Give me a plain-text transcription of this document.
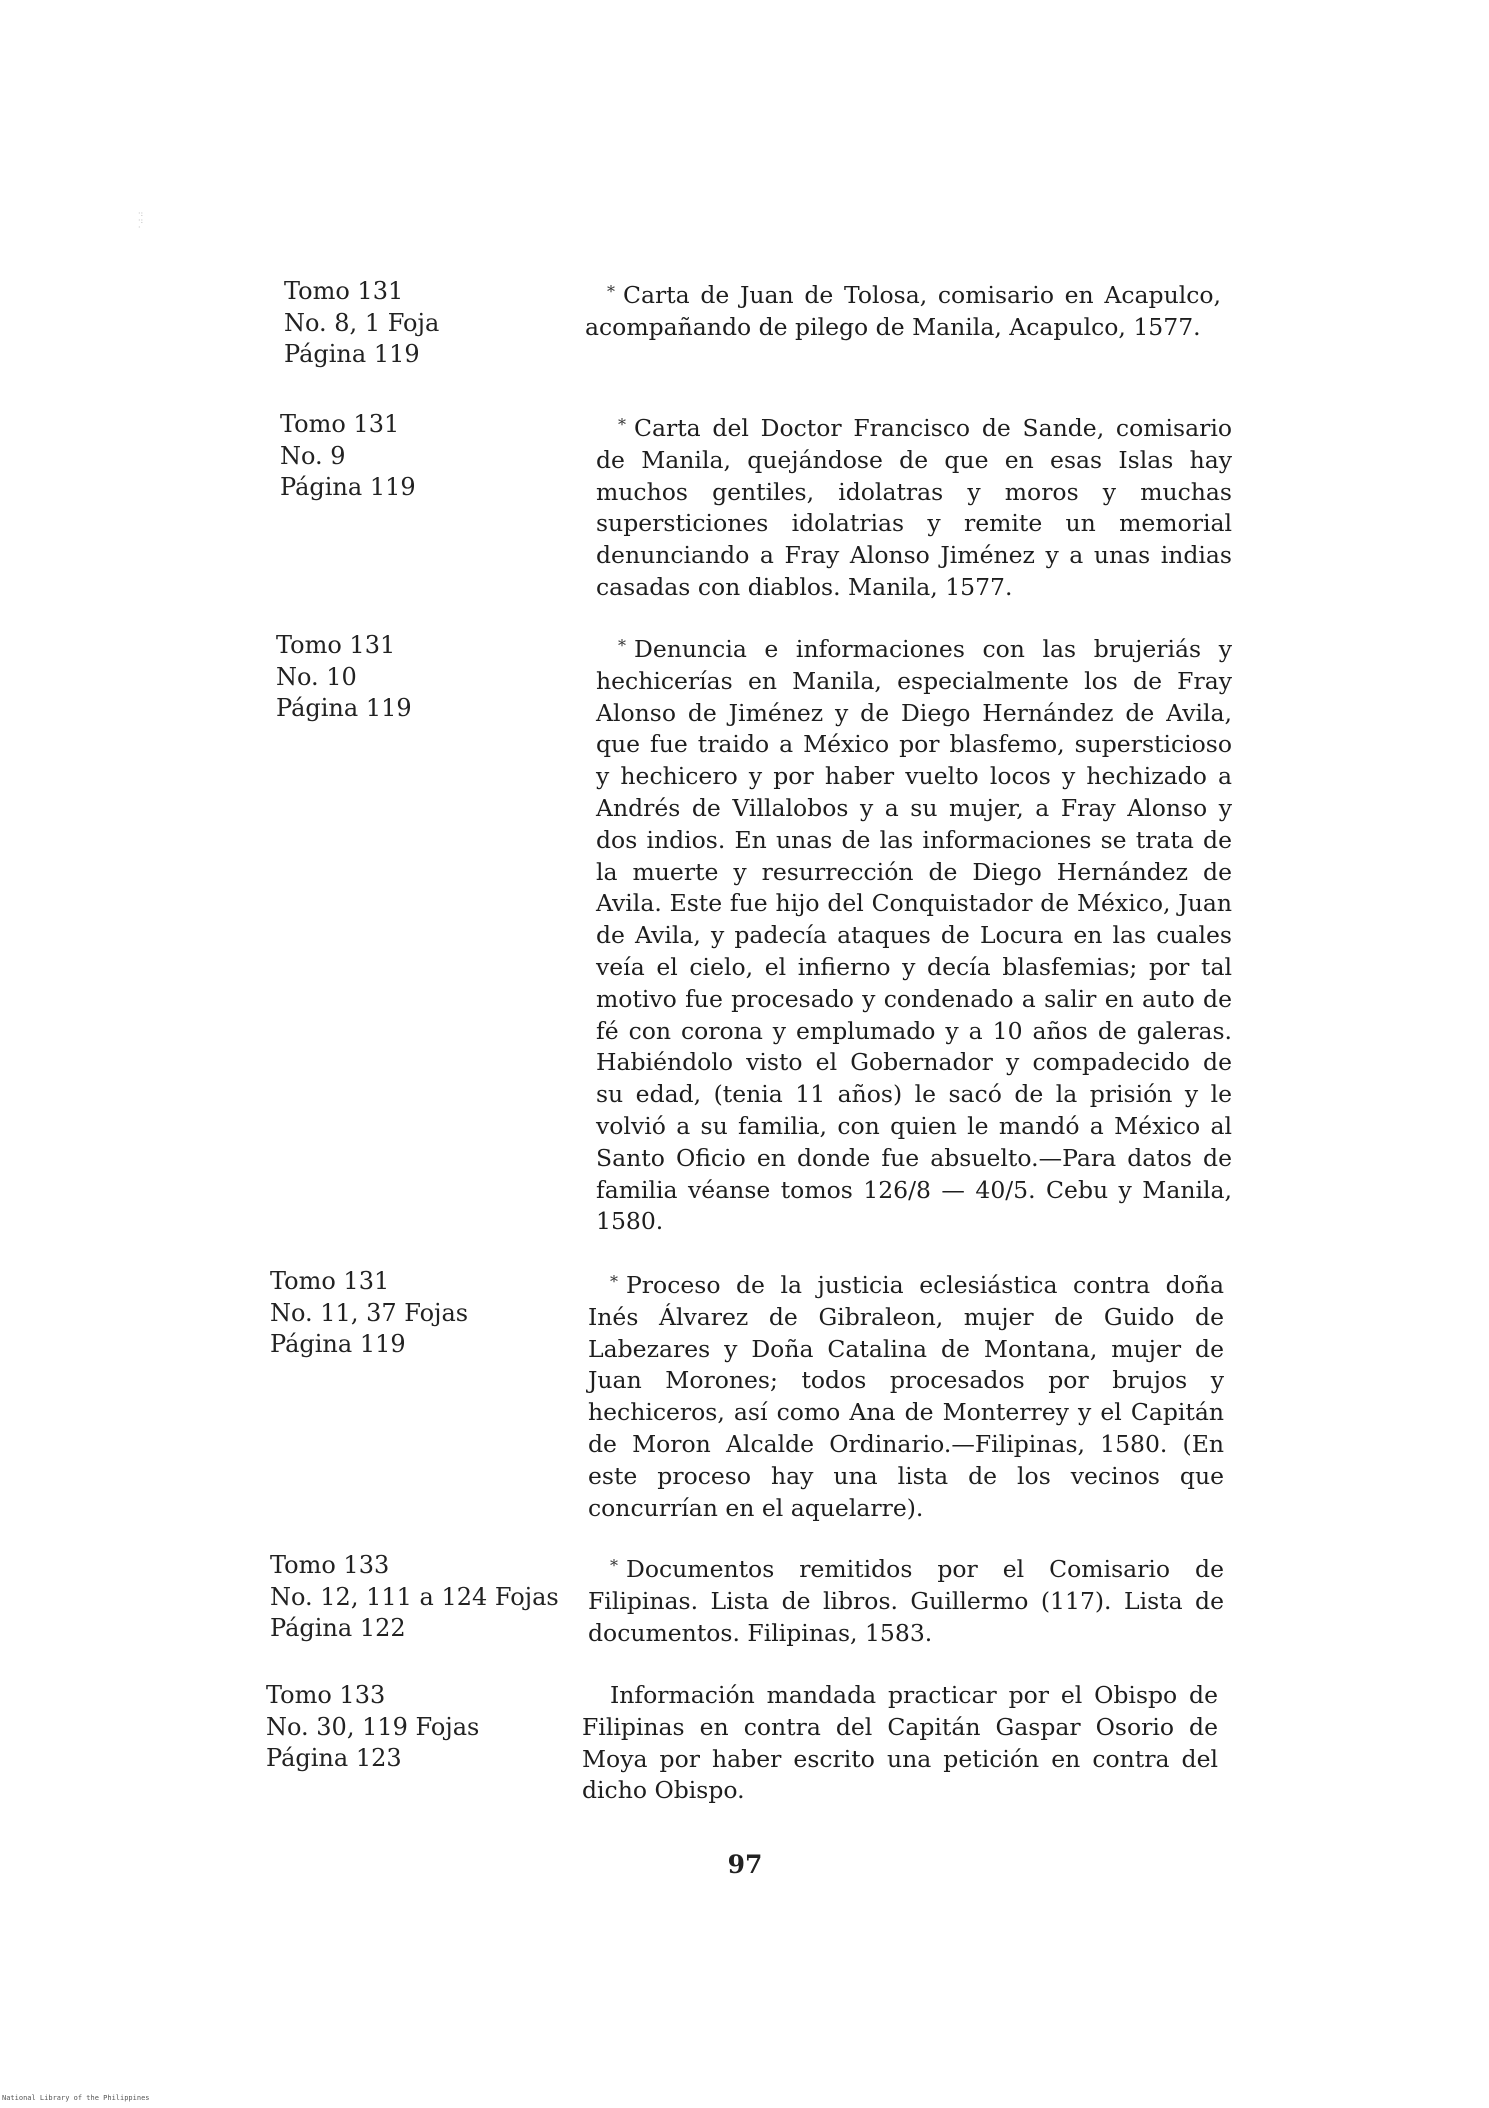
·:
·:
·
Tomo 131
No. 8, 1 Foja
Página 119
* Carta de Juan de Tolosa, comisario en Acapulco, acompañando de pilego de Manila, Acapulco, 1577.
Tomo 131
No. 9
Página 119
* Carta del Doctor Francisco de Sande, comisario de Manila, quejándose de que en esas Islas hay muchos gentiles, idolatras y moros y muchas supersticiones idolatrias y remite un memorial denunciando a Fray Alonso Jiménez y a unas indias casadas con diablos. Manila, 1577.
Tomo 131
No. 10
Página 119
* Denuncia e informaciones con las brujeriás y hechicerías en Manila, especialmente los de Fray Alonso de Jiménez y de Diego Hernández de Avila, que fue traido a México por blasfemo, supersticioso y hechicero y por haber vuelto locos y hechizado a Andrés de Villalobos y a su mujer, a Fray Alonso y dos indios. En unas de las informaciones se trata de la muerte y resurrección de Diego Hernández de Avila. Este fue hijo del Conquistador de México, Juan de Avila, y padecía ataques de Locura en las cuales veía el cielo, el infierno y decía blasfemias; por tal motivo fue procesado y condenado a salir en auto de fé con corona y emplumado y a 10 años de galeras. Habiéndolo visto el Gobernador y compadecido de su edad, (tenia 11 años) le sacó de la prisión y le volvió a su familia, con quien le mandó a México al Santo Oficio en donde fue absuelto.—Para datos de familia véanse tomos 126/8 — 40/5. Cebu y Manila, 1580.
Tomo 131
No. 11, 37 Fojas
Página 119
* Proceso de la justicia eclesiástica contra doña Inés Álvarez de Gibraleon, mujer de Guido de Labezares y Doña Catalina de Montana, mujer de Juan Morones; todos procesados por brujos y hechiceros, así como Ana de Monterrey y el Capitán de Moron Alcalde Ordinario.—Filipinas, 1580. (En este proceso hay una lista de los vecinos que concurrían en el aquelarre).
Tomo 133
No. 12, 111 a 124 Fojas
Página 122
* Documentos remitidos por el Comisario de Filipinas. Lista de libros. Guillermo (117). Lista de documentos. Filipinas, 1583.
Tomo 133
No. 30, 119 Fojas
Página 123
Información mandada practicar por el Obispo de Filipinas en contra del Capitán Gaspar Osorio de Moya por haber escrito una petición en contra del dicho Obispo.
97
National Library of the Philippines
